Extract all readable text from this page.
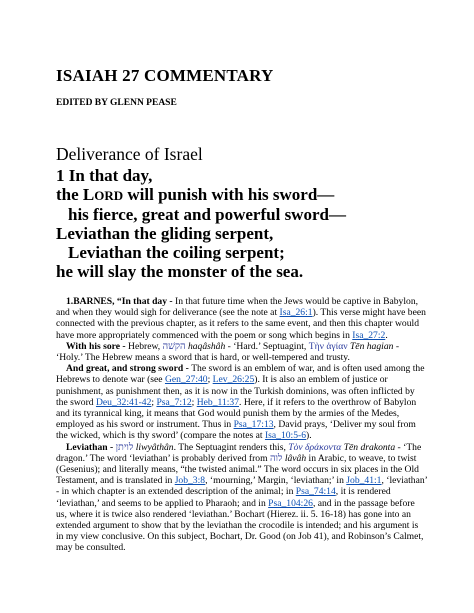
ISAIAH 27 COMMENTARY
EDITED BY GLENN PEASE
Deliverance of Israel
1 In that day,
the LORD will punish with his sword—
his fierce, great and powerful sword—
Leviathan the gliding serpent,
Leviathan the coiling serpent;
he will slay the monster of the sea.

1.BARNES, “In that day - In that future time when the Jews would be captive in Babylon, and when they would sigh for deliverance (see the note at Isa_26:1). This verse might have been connected with the previous chapter, as it refers to the same event, and then this chapter would have more appropriately commenced with the poem or song which begins in Isa_27:2.

With his sore - Hebrew, הקשׁה haqâshâh - ‘Hard.’ Septuagint, Τὴν ἁγίαν Tēn hagian - ‘Holy.’ The Hebrew means a sword that is hard, or well-tempered and trusty.

And great, and strong sword - The sword is an emblem of war, and is often used among the Hebrews to denote war (see Gen_27:40; Lev_26:25). It is also an emblem of justice or punishment, as punishment then, as it is now in the Turkish dominions, was often inflicted by the sword Deu_32:41-42; Psa_7:12; Heb_11:37. Here, if it refers to the overthrow of Babylon and its tyrannical king, it means that God would punish them by the armies of the Medes, employed as his sword or instrument. Thus in Psa_17:13, David prays, ‘Deliver my soul from the wicked, which is thy sword’ (compare the notes at Isa_10:5-6).

Leviathan - לויתן liwyâthân. The Septuagint renders this, Τὸν δράκοντα Tēn drakonta - ‘The dragon.’ The word ‘leviathan’ is probably derived from לוה lâvâh in Arabic, to weave, to twist (Gesenius); and literally means, “the twisted animal.” The word occurs in six places in the Old Testament, and is translated in Job_3:8, ‘mourning,’ Margin, ‘leviathan;’ in Job_41:1, ‘leviathan’ - in which chapter is an extended description of the animal; in Psa_74:14, it is rendered ‘leviathan,’ and seems to be applied to Pharaoh; and in Psa_104:26, and in the passage before us, where it is twice also rendered ‘leviathan.’ Bochart (Hierez. ii. 5. 16-18) has gone into an extended argument to show that by the leviathan the crocodile is intended; and his argument is in my view conclusive. On this subject, Bochart, Dr. Good (on Job 41), and Robinson’s Calmet, may be consulted.
